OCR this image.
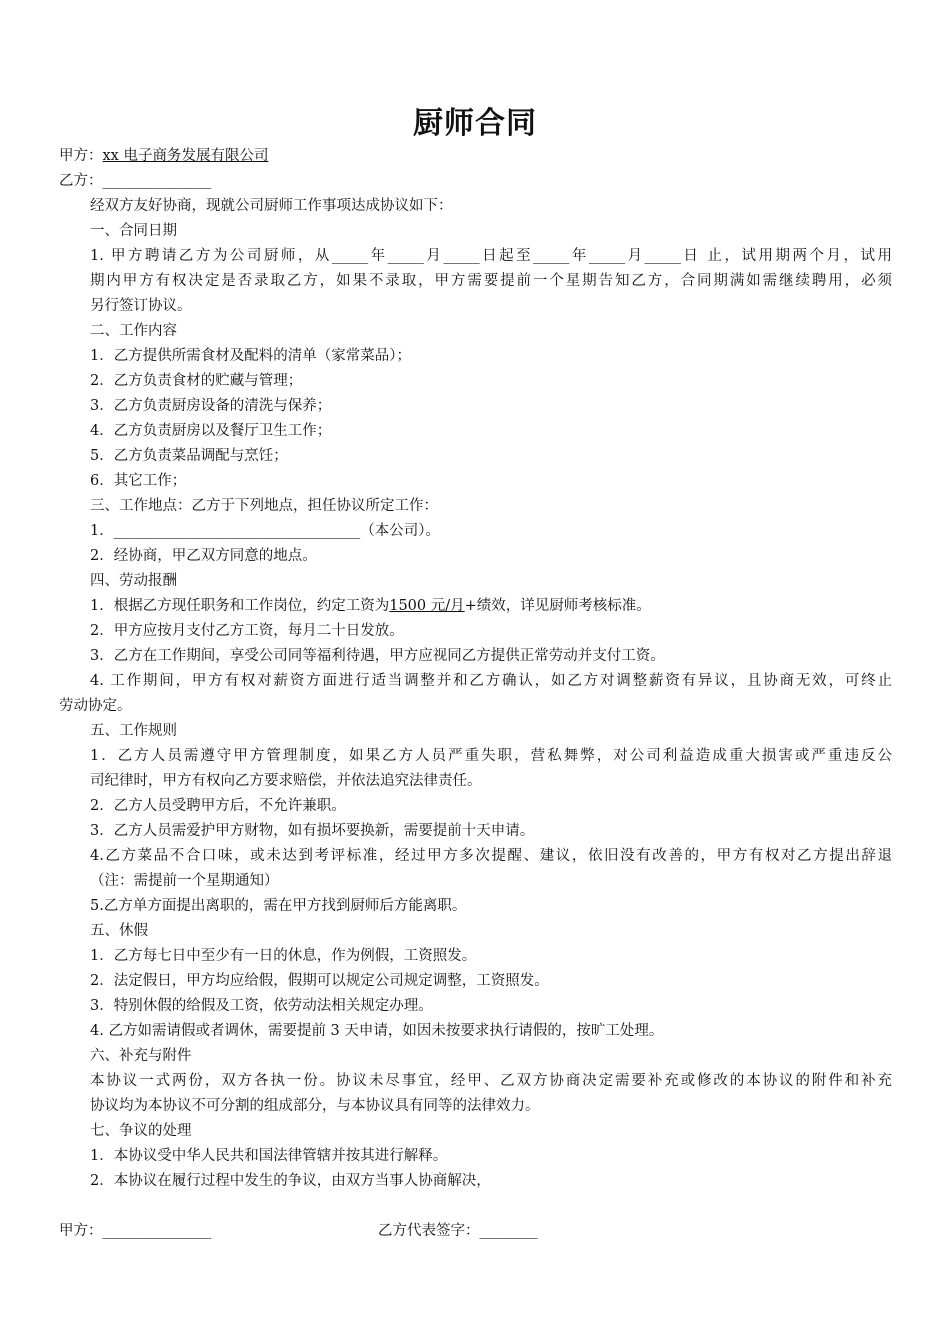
厨师合同
甲方：xx 电子商务发展有限公司
乙方：_______________
经双方友好协商，现就公司厨师工作事项达成协议如下：
一、合同日期
1. 甲方聘请乙方为公司厨师，从_____年_____月_____日起至_____年_____月_____日 止，试用期两个月，试用
期内甲方有权决定是否录取乙方，如果不录取，甲方需要提前一个星期告知乙方，合同期满如需继续聘用，必须
另行签订协议。
二、工作内容
1．乙方提供所需食材及配料的清单（家常菜品）；
2．乙方负责食材的贮藏与管理；
3．乙方负责厨房设备的清洗与保养；
4．乙方负责厨房以及餐厅卫生工作；
5．乙方负责菜品调配与烹饪；
6．其它工作；
三、工作地点：乙方于下列地点，担任协议所定工作：
1．__________________________________（本公司）。
2．经协商，甲乙双方同意的地点。
四、劳动报酬
1．根据乙方现任职务和工作岗位，约定工资为1500 元/月+绩效，详见厨师考核标准。
2．甲方应按月支付乙方工资，每月二十日发放。
3．乙方在工作期间，享受公司同等福利待遇，甲方应视同乙方提供正常劳动并支付工资。
4. 工作期间，甲方有权对薪资方面进行适当调整并和乙方确认，如乙方对调整薪资有异议，且协商无效，可终止
劳动协定。
五、工作规则
1．乙方人员需遵守甲方管理制度，如果乙方人员严重失职，营私舞弊，对公司利益造成重大损害或严重违反公
司纪律时，甲方有权向乙方要求赔偿，并依法追究法律责任。
2．乙方人员受聘甲方后，不允许兼职。
3．乙方人员需爱护甲方财物，如有损坏要换新，需要提前十天申请。
4.乙方菜品不合口味，或未达到考评标准，经过甲方多次提醒、建议，依旧没有改善的，甲方有权对乙方提出辞退
（注：需提前一个星期通知）
5.乙方单方面提出离职的，需在甲方找到厨师后方能离职。
五、休假
1．乙方每七日中至少有一日的休息，作为例假，工资照发。
2．法定假日，甲方均应给假，假期可以规定公司规定调整，工资照发。
3．特别休假的给假及工资，依劳动法相关规定办理。
4. 乙方如需请假或者调休，需要提前 3 天申请，如因未按要求执行请假的，按旷工处理。
六、补充与附件
本协议一式两份，双方各执一份。协议未尽事宜，经甲、乙双方协商决定需要补充或修改的本协议的附件和补充
协议均为本协议不可分割的组成部分，与本协议具有同等的法律效力。
七、争议的处理
1．本协议受中华人民共和国法律管辖并按其进行解释。
2．本协议在履行过程中发生的争议，由双方当事人协商解决，
甲方：_______________	乙方代表签字：________
